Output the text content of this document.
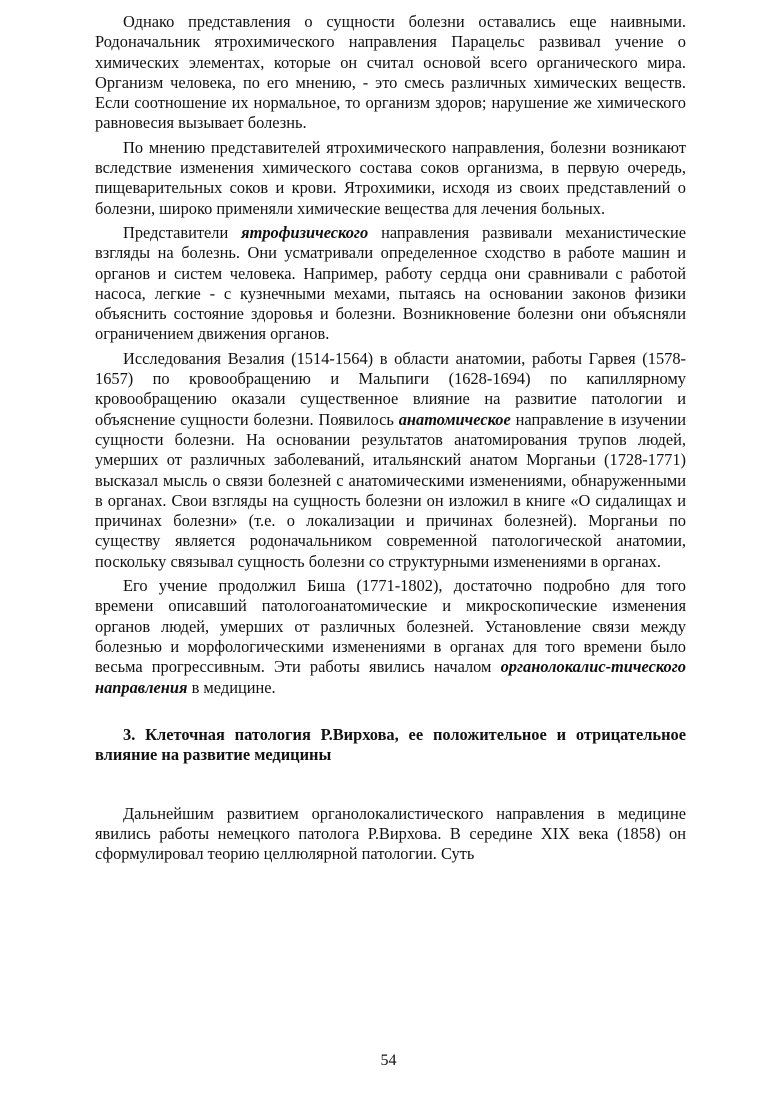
Однако представления о сущности болезни оставались еще наивными. Родоначальник ятрохимического направления Парацельс развивал учение о химических элементах, которые он считал основой всего органического мира. Организм человека, по его мнению, - это смесь различных химических веществ. Если соотношение их нормальное, то организм здоров; нарушение же химического равновесия вызывает болезнь.

По мнению представителей ятрохимического направления, болезни возникают вследствие изменения химического состава соков организма, в первую очередь, пищеварительных соков и крови. Ятрохимики, исходя из своих представлений о болезни, широко применяли химические вещества для лечения больных.

Представители ятрофизического направления развивали механистические взгляды на болезнь. Они усматривали определенное сходство в работе машин и органов и систем человека. Например, работу сердца они сравнивали с работой насоса, легкие - с кузнечными мехами, пытаясь на основании законов физики объяснить состояние здоровья и болезни. Возникновение болезни они объясняли ограничением движения органов.

Исследования Везалия (1514-1564) в области анатомии, работы Гарвея (1578-1657) по кровообращению и Мальпиги (1628-1694) по капиллярному кровообращению оказали существенное влияние на развитие патологии и объяснение сущности болезни. Появилось анатомическое направление в изучении сущности болезни. На основании результатов анатомирования трупов людей, умерших от различных заболеваний, итальянский анатом Морганьи (1728-1771) высказал мысль о связи болезней с анатомическими изменениями, обнаруженными в органах. Свои взгляды на сущность болезни он изложил в книге «О сидалищах и причинах болезни» (т.е. о локализации и причинах болезней). Морганьи по существу является родоначальником современной патологической анатомии, поскольку связывал сущность болезни со структурными изменениями в органах.

Его учение продолжил Биша (1771-1802), достаточно подробно для того времени описавший патологоанатомические и микроскопические изменения органов людей, умерших от различных болезней. Установление связи между болезнью и морфологическими изменениями в органах для того времени было весьма прогрессивным. Эти работы явились началом органолокалис-тического направления в медицине.

3. Клеточная патология Р.Вирхова, ее положительное и отрицательное влияние на развитие медицины

Дальнейшим развитием органолокалистического направления в медицине явились работы немецкого патолога Р.Вирхова. В середине XIX века (1858) он сформулировал теорию целлюлярной патологии. Суть

54
